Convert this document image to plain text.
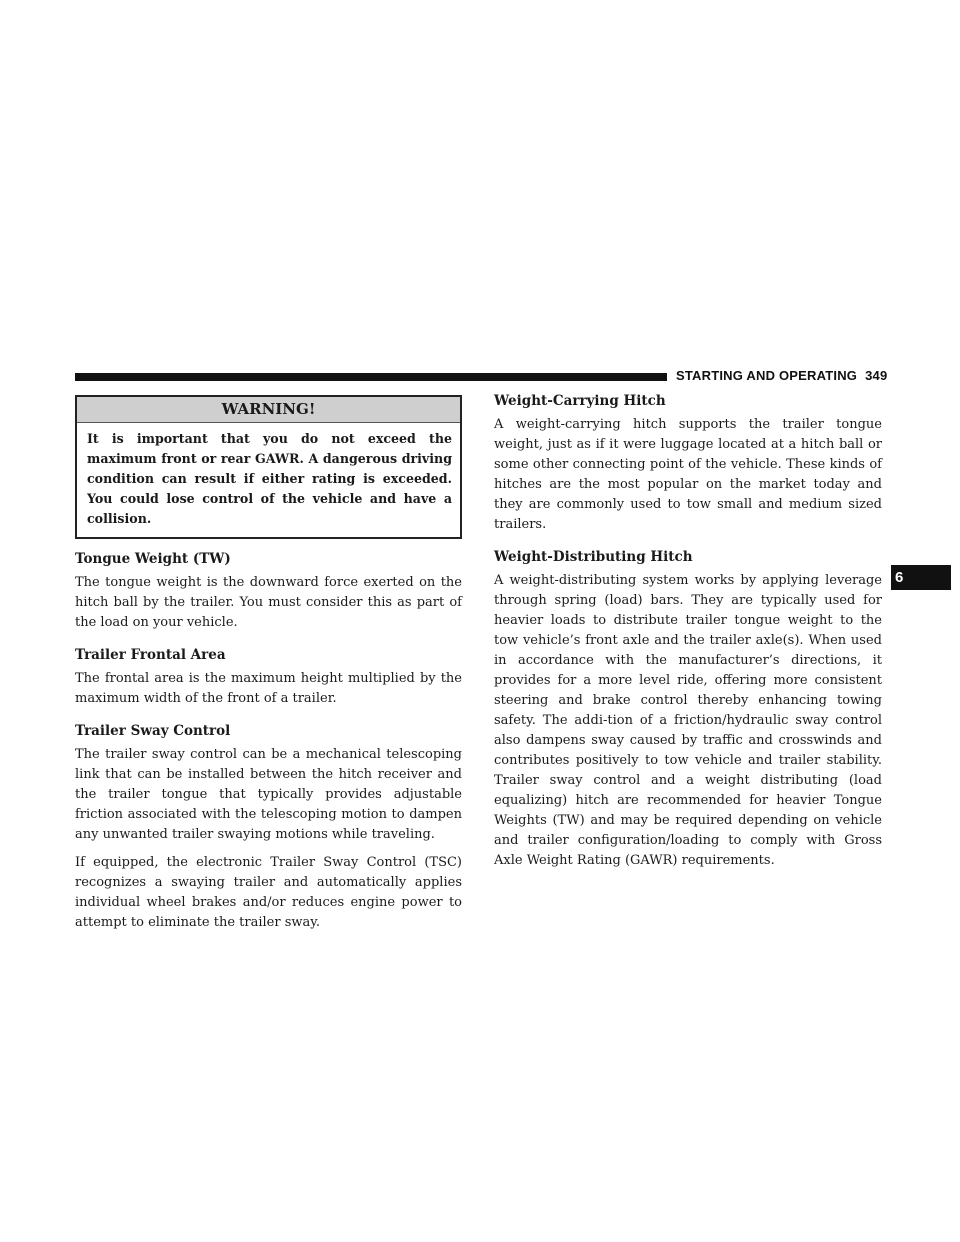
STARTING AND OPERATING 349
WARNING!
It is important that you do not exceed the maximum front or rear GAWR. A dangerous driving condition can result if either rating is exceeded. You could lose control of the vehicle and have a collision.
Tongue Weight (TW)

The tongue weight is the downward force exerted on the hitch ball by the trailer. You must consider this as part of the load on your vehicle.

Trailer Frontal Area

The frontal area is the maximum height multiplied by the maximum width of the front of a trailer.

Trailer Sway Control

The trailer sway control can be a mechanical telescoping link that can be installed between the hitch receiver and the trailer tongue that typically provides adjustable friction associated with the telescoping motion to dampen any unwanted trailer swaying motions while traveling.

If equipped, the electronic Trailer Sway Control (TSC) recognizes a swaying trailer and automatically applies individual wheel brakes and/or reduces engine power to attempt to eliminate the trailer sway.

Weight-Carrying Hitch

A weight-carrying hitch supports the trailer tongue weight, just as if it were luggage located at a hitch ball or some other connecting point of the vehicle. These kinds of hitches are the most popular on the market today and they are commonly used to tow small and medium sized trailers.

Weight-Distributing Hitch

A weight-distributing system works by applying leverage through spring (load) bars. They are typically used for heavier loads to distribute trailer tongue weight to the tow vehicle’s front axle and the trailer axle(s). When used in accordance with the manufacturer’s directions, it provides for a more level ride, offering more consistent steering and brake control thereby enhancing towing safety. The addi-tion of a friction/hydraulic sway control also dampens sway caused by traffic and crosswinds and contributes positively to tow vehicle and trailer stability. Trailer sway control and a weight distributing (load equalizing) hitch are recommended for heavier Tongue Weights (TW) and may be required depending on vehicle and trailer configuration/loading to comply with Gross Axle Weight Rating (GAWR) requirements.

6
